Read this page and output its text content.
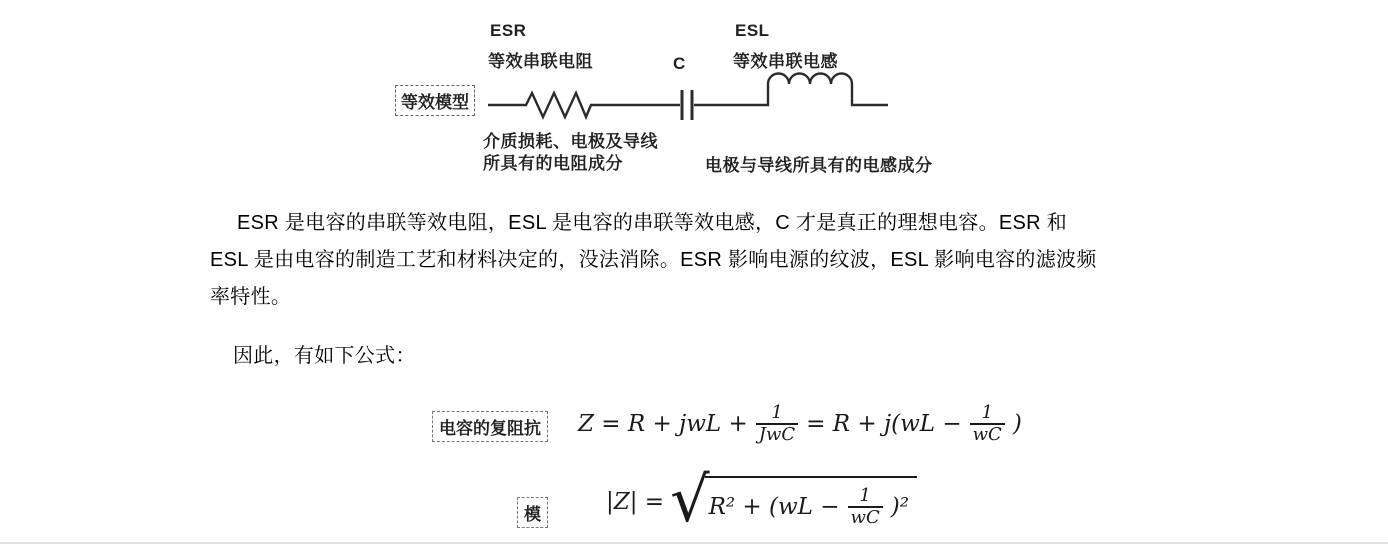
等效模型
ESR
等效串联电阻	C
ESL
等效串联电感
介质损耗、电极及导线
所具有的电阻成分	电极与导线所具有的电感成分
ESR 是电容的串联等效电阻，ESL 是电容的串联等效电感，C 才是真正的理想电容。ESR 和
ESL 是由电容的制造工艺和材料决定的，没法消除。ESR 影响电源的纹波，ESL 影响电容的滤波频
率特性。
因此，有如下公式：
电容的复阻抗	Z = R + jwL + $\frac{1}{\text{JwC}} = R + j(wL - \frac{1}{wC}$ )
模	|Z| = √ $R^2 + (wL - \frac{1}{wC} )^2$
